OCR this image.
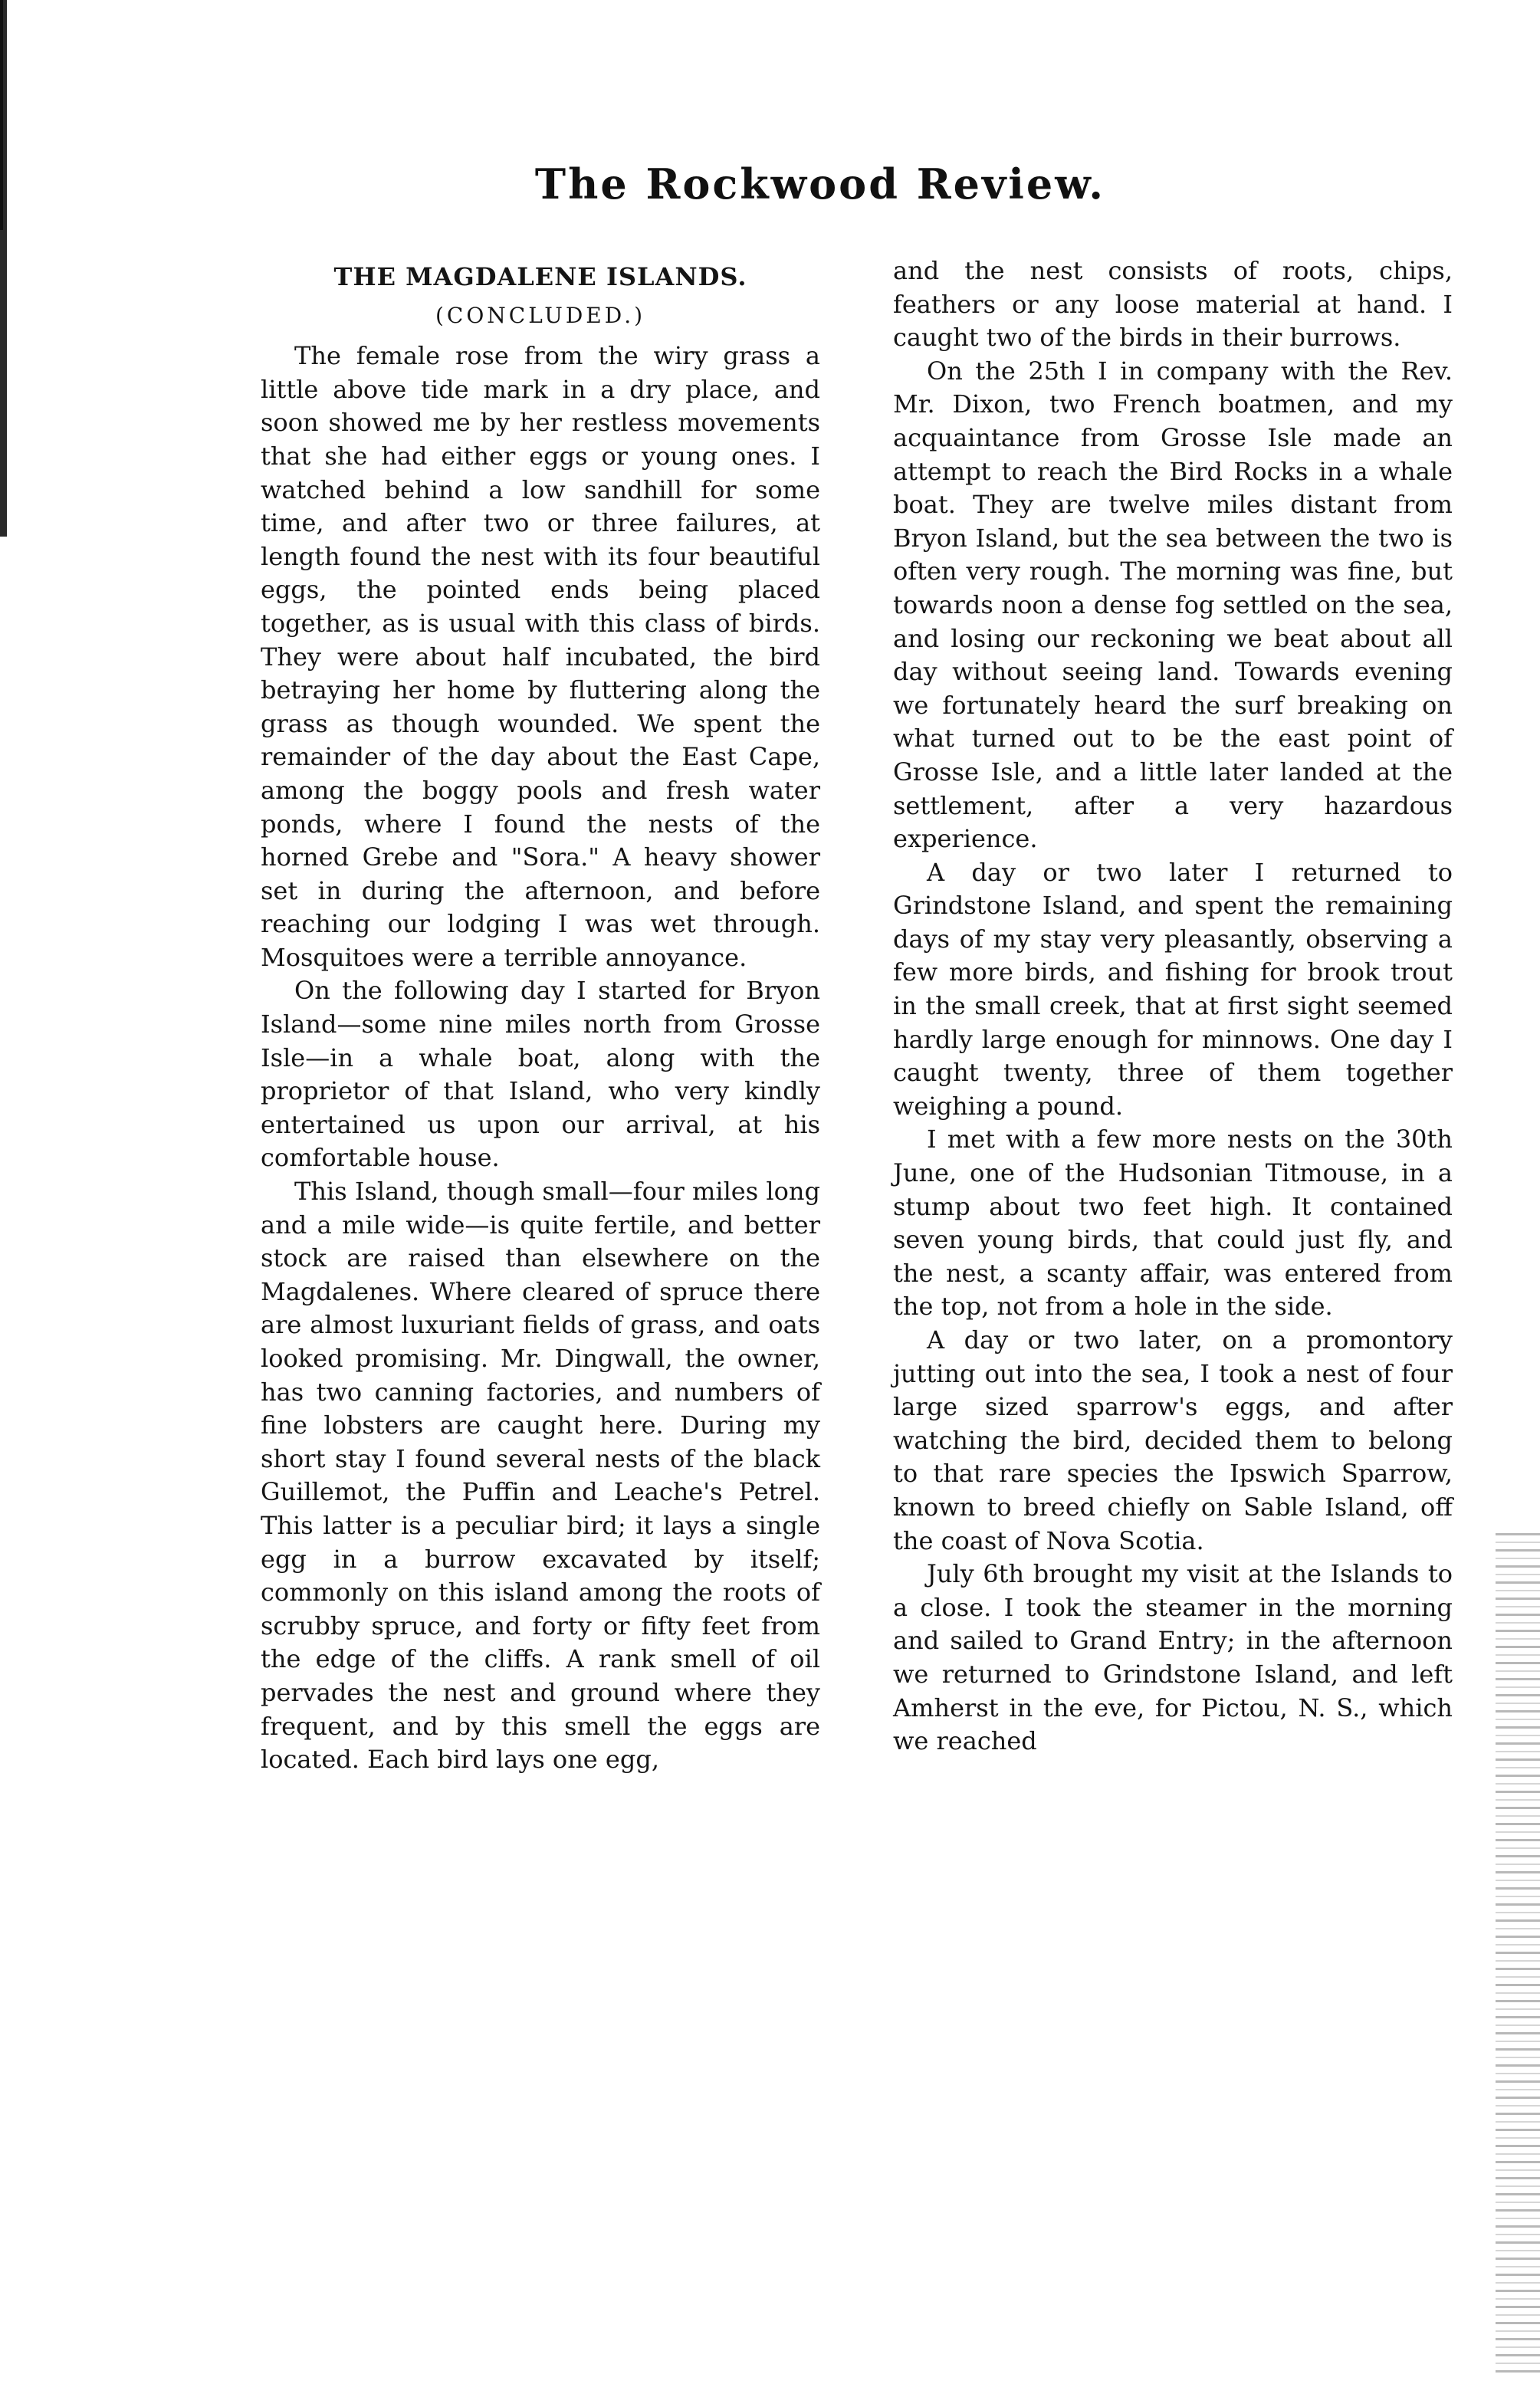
The Rockwood Review.
THE MAGDALENE ISLANDS.
(CONCLUDED.)

The female rose from the wiry grass a little above tide mark in a dry place, and soon showed me by her restless movements that she had either eggs or young ones. I watched behind a low sandhill for some time, and after two or three failures, at length found the nest with its four beautiful eggs, the pointed ends being placed together, as is usual with this class of birds. They were about half incubated, the bird betraying her home by fluttering along the grass as though wounded. We spent the remainder of the day about the East Cape, among the boggy pools and fresh water ponds, where I found the nests of the horned Grebe and "Sora." A heavy shower set in during the afternoon, and before reaching our lodging I was wet through. Mosquitoes were a terrible annoyance.

On the following day I started for Bryon Island—some nine miles north from Grosse Isle—in a whale boat, along with the proprietor of that Island, who very kindly entertained us upon our arrival, at his comfortable house.

This Island, though small—four miles long and a mile wide—is quite fertile, and better stock are raised than elsewhere on the Magdalenes. Where cleared of spruce there are almost luxuriant fields of grass, and oats looked promising. Mr. Dingwall, the owner, has two canning factories, and numbers of fine lobsters are caught here. During my short stay I found several nests of the black Guillemot, the Puffin and Leache's Petrel. This latter is a peculiar bird; it lays a single egg in a burrow excavated by itself; commonly on this island among the roots of scrubby spruce, and forty or fifty feet from the edge of the cliffs. A rank smell of oil pervades the nest and ground where they frequent, and by this smell the eggs are located. Each bird lays one egg,

and the nest consists of roots, chips, feathers or any loose material at hand. I caught two of the birds in their burrows.

On the 25th I in company with the Rev. Mr. Dixon, two French boatmen, and my acquaintance from Grosse Isle made an attempt to reach the Bird Rocks in a whale boat. They are twelve miles distant from Bryon Island, but the sea between the two is often very rough. The morning was fine, but towards noon a dense fog settled on the sea, and losing our reckoning we beat about all day without seeing land. Towards evening we fortunately heard the surf breaking on what turned out to be the east point of Grosse Isle, and a little later landed at the settlement, after a very hazardous experience.

A day or two later I returned to Grindstone Island, and spent the remaining days of my stay very pleasantly, observing a few more birds, and fishing for brook trout in the small creek, that at first sight seemed hardly large enough for minnows. One day I caught twenty, three of them together weighing a pound.

I met with a few more nests on the 30th June, one of the Hudsonian Titmouse, in a stump about two feet high. It contained seven young birds, that could just fly, and the nest, a scanty affair, was entered from the top, not from a hole in the side.

A day or two later, on a promontory jutting out into the sea, I took a nest of four large sized sparrow's eggs, and after watching the bird, decided them to belong to that rare species the Ipswich Sparrow, known to breed chiefly on Sable Island, off the coast of Nova Scotia.

July 6th brought my visit at the Islands to a close. I took the steamer in the morning and sailed to Grand Entry; in the afternoon we returned to Grindstone Island, and left Amherst in the eve, for Pictou, N. S., which we reached
